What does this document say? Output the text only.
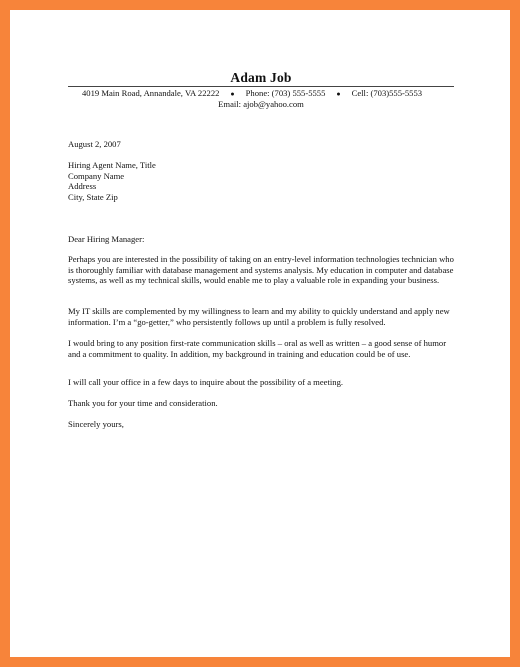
Adam Job
4019 Main Road, Annandale, VA 22222 ● Phone: (703) 555-5555 ● Cell: (703)555-5553
Email: ajob@yahoo.com
August 2, 2007
Hiring Agent Name, Title
Company Name
Address
City, State Zip
Dear Hiring Manager:
Perhaps you are interested in the possibility of taking on an entry-level information technologies technician who is thoroughly familiar with database management and systems analysis. My education in computer and database systems, as well as my technical skills, would enable me to play a valuable role in expanding your business.
My IT skills are complemented by my willingness to learn and my ability to quickly understand and apply new information. I’m a “go-getter,” who persistently follows up until a problem is fully resolved.
I would bring to any position first-rate communication skills – oral as well as written – a good sense of humor and a commitment to quality. In addition, my background in training and education could be of use.
I will call your office in a few days to inquire about the possibility of a meeting.
Thank you for your time and consideration.
Sincerely yours,
